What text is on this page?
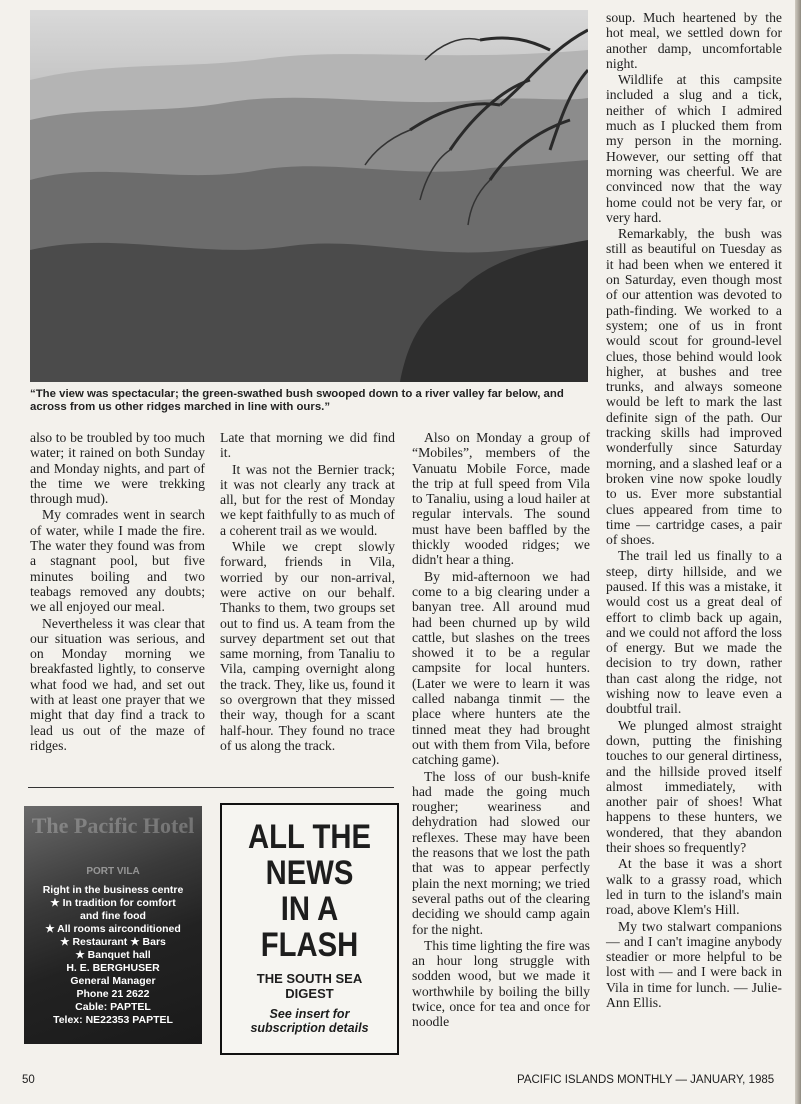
“The view was spectacular; the green-swathed bush swooped down to a river valley far below, and across from us other ridges marched in line with ours.”

also to be troubled by too much water; it rained on both Sunday and Monday nights, and part of the time we were trekking through mud).

My comrades went in search of water, while I made the fire. The water they found was from a stagnant pool, but five minutes boiling and two teabags removed any doubts; we all enjoyed our meal.

Nevertheless it was clear that our situation was serious, and on Monday morning we breakfasted lightly, to conserve what food we had, and set out with at least one prayer that we might that day find a track to lead us out of the maze of ridges.

Late that morning we did find it.

It was not the Bernier track; it was not clearly any track at all, but for the rest of Monday we kept faithfully to as much of a coherent trail as we would.

While we crept slowly forward, friends in Vila, worried by our non-arrival, were active on our behalf. Thanks to them, two groups set out to find us. A team from the survey department set out that same morning, from Tanaliu to Vila, camping overnight along the track. They, like us, found it so overgrown that they missed their way, though for a scant half-hour. They found no trace of us along the track.

Also on Monday a group of “Mobiles”, members of the Vanuatu Mobile Force, made the trip at full speed from Vila to Tanaliu, using a loud hailer at regular intervals. The sound must have been baffled by the thickly wooded ridges; we didn't hear a thing.

By mid-afternoon we had come to a big clearing under a banyan tree. All around mud had been churned up by wild cattle, but slashes on the trees showed it to be a regular campsite for local hunters. (Later we were to learn it was called nabanga tinmit — the place where hunters ate the tinned meat they had brought out with them from Vila, before catching game).

The loss of our bush-knife had made the going much rougher; weariness and dehydration had slowed our reflexes. These may have been the reasons that we lost the path that was to appear perfectly plain the next morning; we tried several paths out of the clearing deciding we should camp again for the night.

This time lighting the fire was an hour long struggle with sodden wood, but we made it worthwhile by boiling the billy twice, once for tea and once for noodle

soup. Much heartened by the hot meal, we settled down for another damp, uncomfortable night.

Wildlife at this campsite included a slug and a tick, neither of which I admired much as I plucked them from my person in the morning. However, our setting off that morning was cheerful. We are convinced now that the way home could not be very far, or very hard.

Remarkably, the bush was still as beautiful on Tuesday as it had been when we entered it on Saturday, even though most of our attention was devoted to path-finding. We worked to a system; one of us in front would scout for ground-level clues, those behind would look higher, at bushes and tree trunks, and always someone would be left to mark the last definite sign of the path. Our tracking skills had improved wonderfully since Saturday morning, and a slashed leaf or a broken vine now spoke loudly to us. Ever more substantial clues appeared from time to time — cartridge cases, a pair of shoes.

The trail led us finally to a steep, dirty hillside, and we paused. If this was a mistake, it would cost us a great deal of effort to climb back up again, and we could not afford the loss of energy. But we made the decision to try down, rather than cast along the ridge, not wishing now to leave even a doubtful trail.

We plunged almost straight down, putting the finishing touches to our general dirtiness, and the hillside proved itself almost immediately, with another pair of shoes! What happens to these hunters, we wondered, that they abandon their shoes so frequently?

At the base it was a short walk to a grassy road, which led in turn to the island's main road, above Klem's Hill.

My two stalwart companions — and I can't imagine anybody steadier or more helpful to be lost with — and I were back in Vila in time for lunch. — Julie-Ann Ellis.

The Pacific Hotel
PORT VILA
Right in the business centre
★ In tradition for comfort
and fine food
★ All rooms airconditioned
★ Restaurant ★ Bars
★ Banquet hall
H. E. BERGHUSER
General Manager
Phone 21 2622
Cable: PAPTEL
Telex: NE22353 PAPTEL
ALL THE
NEWS
IN A
FLASH
THE SOUTH SEA
DIGEST
See insert for
subscription details
50	PACIFIC ISLANDS MONTHLY — JANUARY, 1985
